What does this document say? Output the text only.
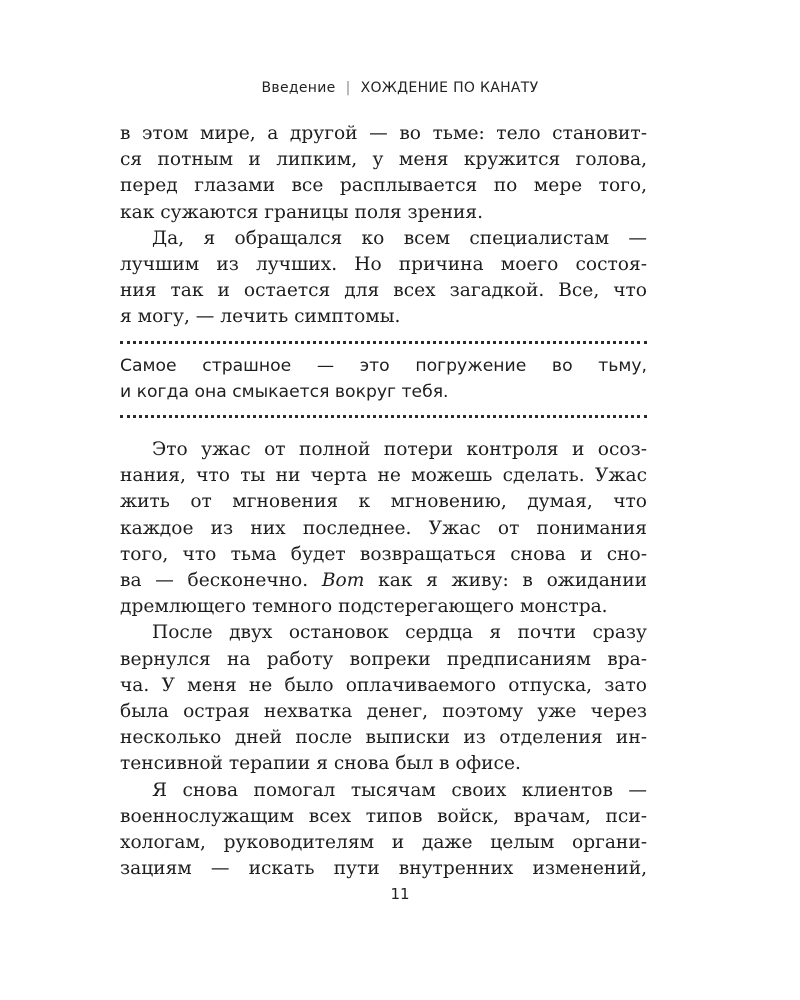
Введение | ХОЖДЕНИЕ ПО КАНАТУ

в этом мире, а другой — во тьме: тело становит-
ся потным и липким, у меня кружится голова,
перед глазами все расплывается по мере того,
как сужаются границы поля зрения.

Да, я обращался ко всем специалистам —
лучшим из лучших. Но причина моего состоя-
ния так и остается для всех загадкой. Все, что
я могу, — лечить симптомы.

Самое страшное — это погружение во тьму,
и когда она смыкается вокруг тебя.

Это ужас от полной потери контроля и осоз-
нания, что ты ни черта не можешь сделать. Ужас
жить от мгновения к мгновению, думая, что
каждое из них последнее. Ужас от понимания
того, что тьма будет возвращаться снова и сно-
ва — бесконечно. Вот как я живу: в ожидании
дремлющего темного подстерегающего монстра.

После двух остановок сердца я почти сразу
вернулся на работу вопреки предписаниям вра-
ча. У меня не было оплачиваемого отпуска, зато
была острая нехватка денег, поэтому уже через
несколько дней после выписки из отделения ин-
тенсивной терапии я снова был в офисе.

Я снова помогал тысячам своих клиентов —
военнослужащим всех типов войск, врачам, пси-
хологам, руководителям и даже целым органи-
зациям — искать пути внутренних изменений,

11
